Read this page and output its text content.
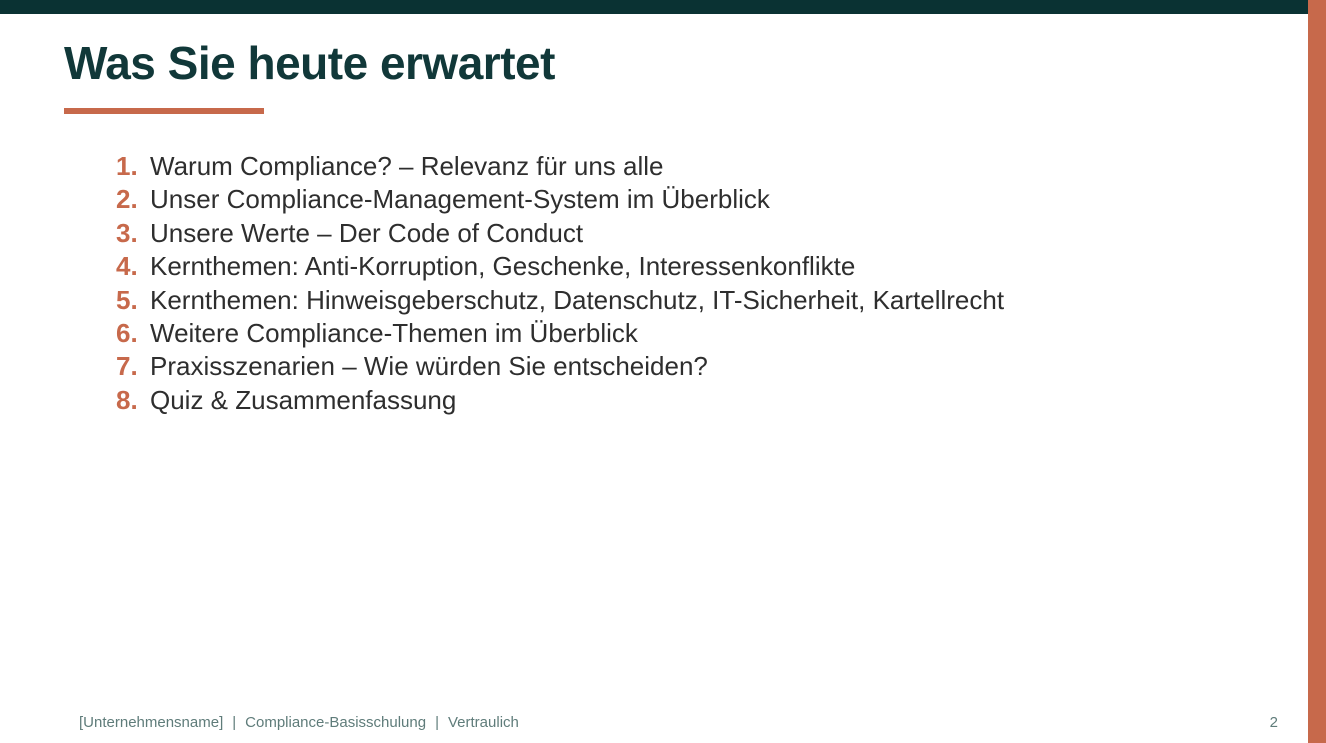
Was Sie heute erwartet
1. Warum Compliance? – Relevanz für uns alle
2. Unser Compliance-Management-System im Überblick
3. Unsere Werte – Der Code of Conduct
4. Kernthemen: Anti-Korruption, Geschenke, Interessenkonflikte
5. Kernthemen: Hinweisgeberschutz, Datenschutz, IT-Sicherheit, Kartellrecht
6. Weitere Compliance-Themen im Überblick
7. Praxisszenarien – Wie würden Sie entscheiden?
8. Quiz & Zusammenfassung
[Unternehmensname] | Compliance-Basisschulung | Vertraulich	2
